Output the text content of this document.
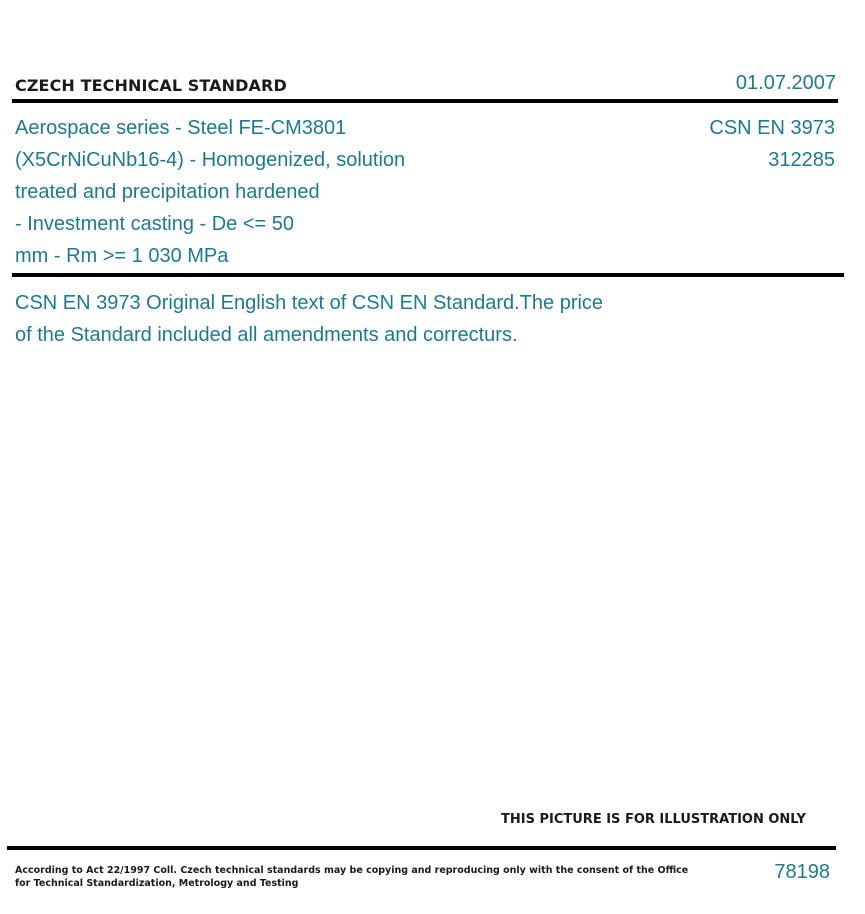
CZECH TECHNICAL STANDARD	01.07.2007
Aerospace series - Steel FE-CM3801
(X5CrNiCuNb16-4) - Homogenized, solution
treated and precipitation hardened
- Investment casting - De <= 50
mm - Rm >= 1 030 MPa
CSN EN 3973
312285
CSN EN 3973 Original English text of CSN EN Standard.The price
of the Standard included all amendments and correcturs.
THIS PICTURE IS FOR ILLUSTRATION ONLY
According to Act 22/1997 Coll. Czech technical standards may be copying and reproducing only with the consent of the Office
for Technical Standardization, Metrology and Testing
78198
